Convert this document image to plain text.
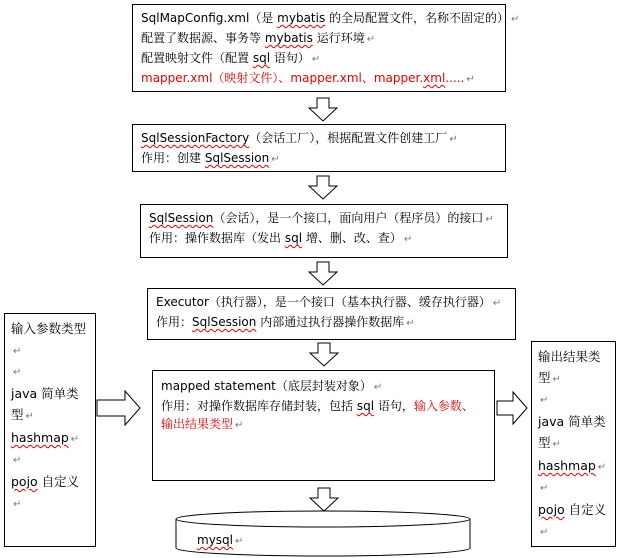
SqlMapConfig.xml（是 mybatis 的全局配置文件，名称不固定的） ↵
配置了数据源、事务等 mybatis 运行环境 ↵
配置映射文件（配置 sql 语句） ↵
mapper.xml（映射文件）、mapper.xml、mapper.xml..... ↵
SqlSessionFactory（会话工厂），根据配置文件创建工厂 ↵
作用：创建 SqlSession ↵
SqlSession（会话），是一个接口，面向用户（程序员）的接口 ↵
作用：操作数据库（发出 sql 增、删、改、查） ↵
Executor（执行器），是一个接口（基本执行器、缓存执行器） ↵
作用：SqlSession 内部通过执行器操作数据库 ↵
mapped statement（底层封装对象） ↵
作用：对操作数据库存储封装，包括 sql 语句，输入参数、
输出结果类型 ↵
输入参数类型↵
↵
java 简单类型 ↵
hashmap ↵
↵
pojo 自定义↵
输出结果类型 ↵
↵
java 简单类型 ↵
hashmap ↵
↵
pojo 自定义↵
mysql ↵
